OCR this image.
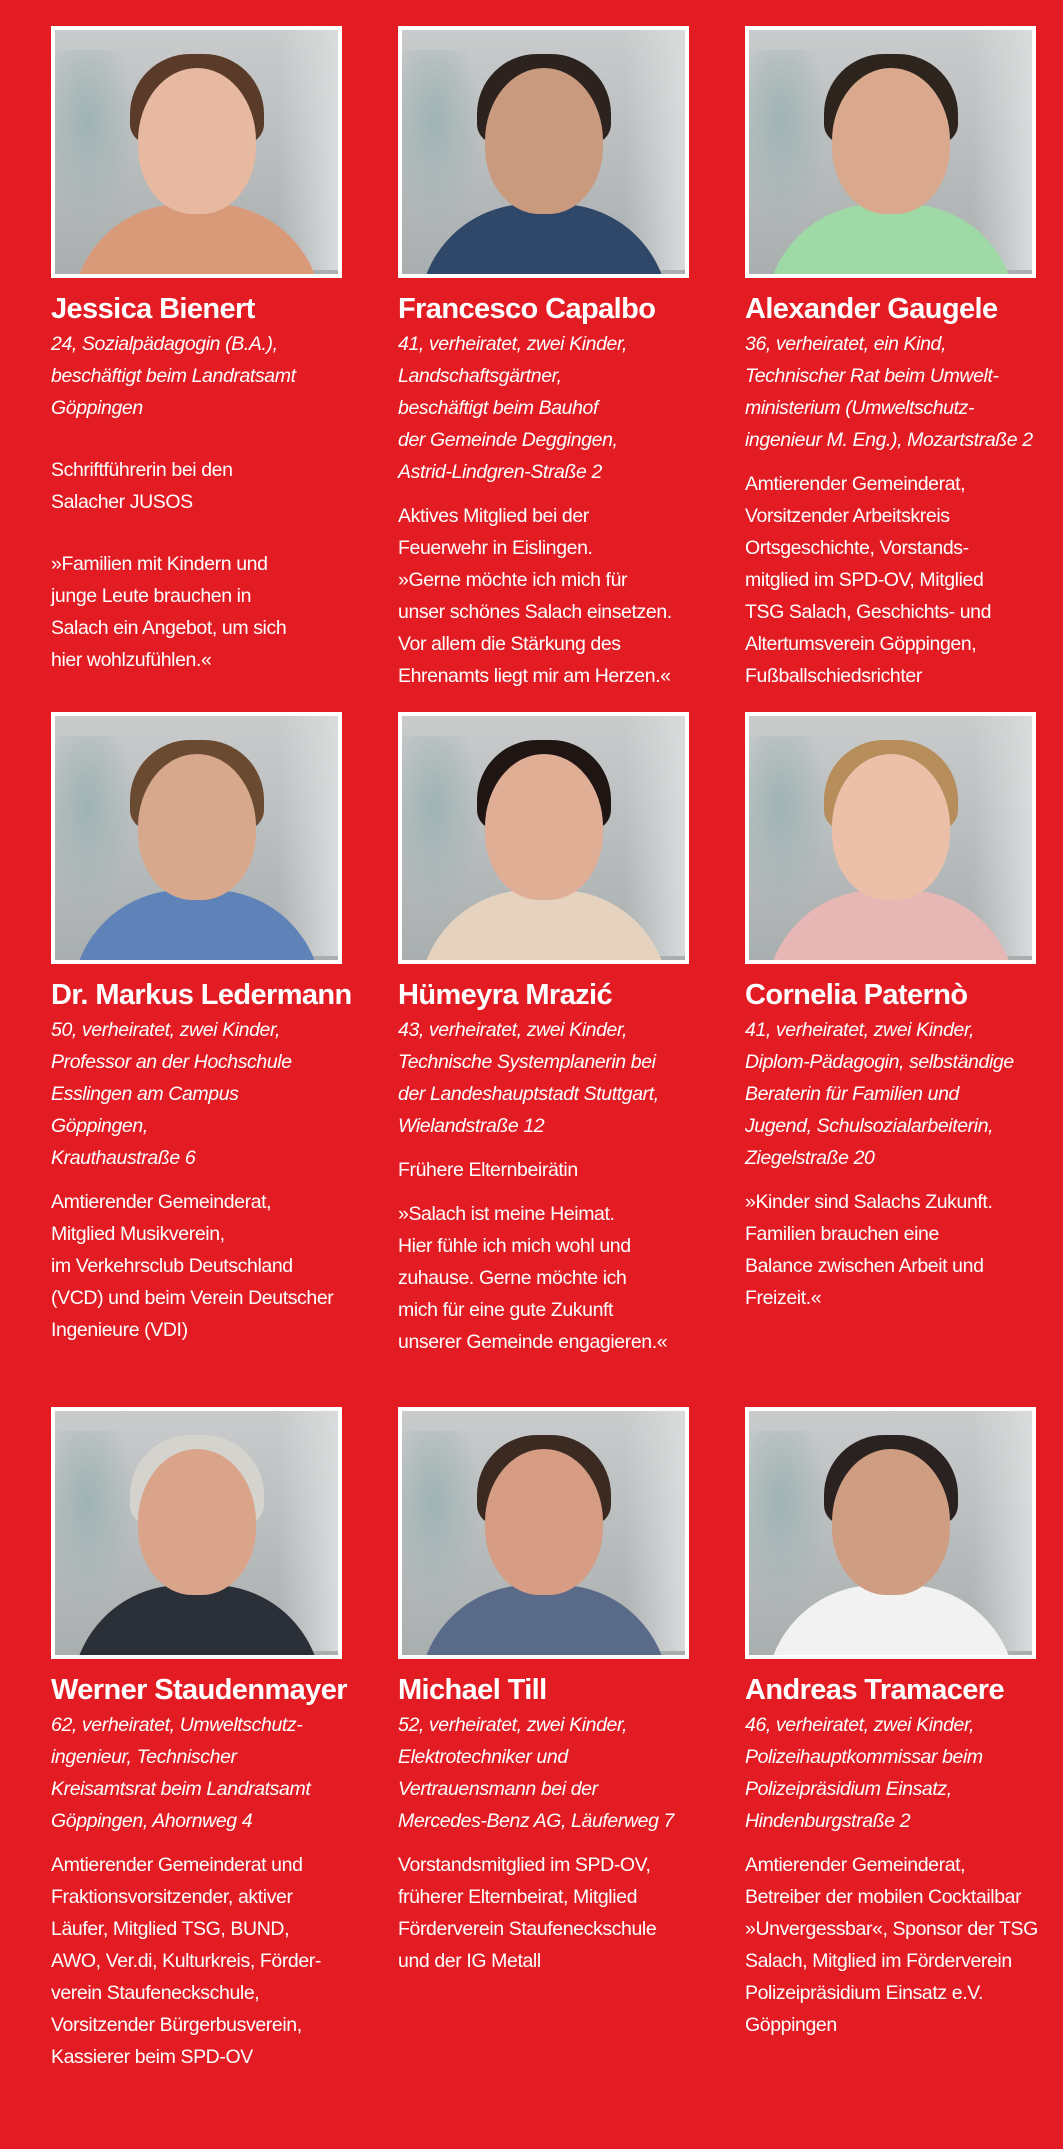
Jessica Bienert

24, Sozialpädagogin (B.A.),
beschäftigt beim Landratsamt
Göppingen

Schriftführerin bei den
Salacher JUSOS

»Familien mit Kindern und
junge Leute brauchen in
Salach ein Angebot, um sich
hier wohlzufühlen.«

Francesco Capalbo

41, verheiratet, zwei Kinder,
Landschaftsgärtner,
beschäftigt beim Bauhof
der Gemeinde Deggingen,
Astrid-Lindgren-Straße 2

Aktives Mitglied bei der
Feuerwehr in Eislingen.
»Gerne möchte ich mich für
unser schönes Salach einsetzen.
Vor allem die Stärkung des
Ehrenamts liegt mir am Herzen.«

Alexander Gaugele

36, verheiratet, ein Kind,
Technischer Rat beim Umwelt-
ministerium (Umweltschutz-
ingenieur M. Eng.), Mozartstraße 2

Amtierender Gemeinderat,
Vorsitzender Arbeitskreis
Ortsgeschichte, Vorstands-
mitglied im SPD-OV, Mitglied
TSG Salach, Geschichts- und
Altertumsverein Göppingen,
Fußballschiedsrichter

Dr. Markus Ledermann

50, verheiratet, zwei Kinder,
Professor an der Hochschule
Esslingen am Campus
Göppingen,
Krauthaustraße 6

Amtierender Gemeinderat,
Mitglied Musikverein,
im Verkehrsclub Deutschland
(VCD) und beim Verein Deutscher
Ingenieure (VDI)

Hümeyra Mrazić

43, verheiratet, zwei Kinder,
Technische Systemplanerin bei
der Landeshauptstadt Stuttgart,
Wielandstraße 12

Frühere Elternbeirätin

»Salach ist meine Heimat.
Hier fühle ich mich wohl und
zuhause. Gerne möchte ich
mich für eine gute Zukunft
unserer Gemeinde engagieren.«

Cornelia Paternò

41, verheiratet, zwei Kinder,
Diplom-Pädagogin, selbständige
Beraterin für Familien und
Jugend, Schulsozialarbeiterin,
Ziegelstraße 20

»Kinder sind Salachs Zukunft.
Familien brauchen eine
Balance zwischen Arbeit und
Freizeit.«

Werner Staudenmayer

62, verheiratet, Umweltschutz-
ingenieur, Technischer
Kreisamtsrat beim Landratsamt
Göppingen, Ahornweg 4

Amtierender Gemeinderat und
Fraktionsvorsitzender, aktiver
Läufer, Mitglied TSG, BUND,
AWO, Ver.di, Kulturkreis, Förder-
verein Staufeneckschule,
Vorsitzender Bürgerbusverein,
Kassierer beim SPD-OV

Michael Till

52, verheiratet, zwei Kinder,
Elektrotechniker und
Vertrauensmann bei der
Mercedes-Benz AG, Läuferweg 7

Vorstandsmitglied im SPD-OV,
früherer Elternbeirat, Mitglied
Förderverein Staufeneckschule
und der IG Metall

Andreas Tramacere

46, verheiratet, zwei Kinder,
Polizeihauptkommissar beim
Polizeipräsidium Einsatz,
Hindenburgstraße 2

Amtierender Gemeinderat,
Betreiber der mobilen Cocktailbar
»Unvergessbar«, Sponsor der TSG
Salach, Mitglied im Förderverein
Polizeipräsidium Einsatz e.V.
Göppingen
